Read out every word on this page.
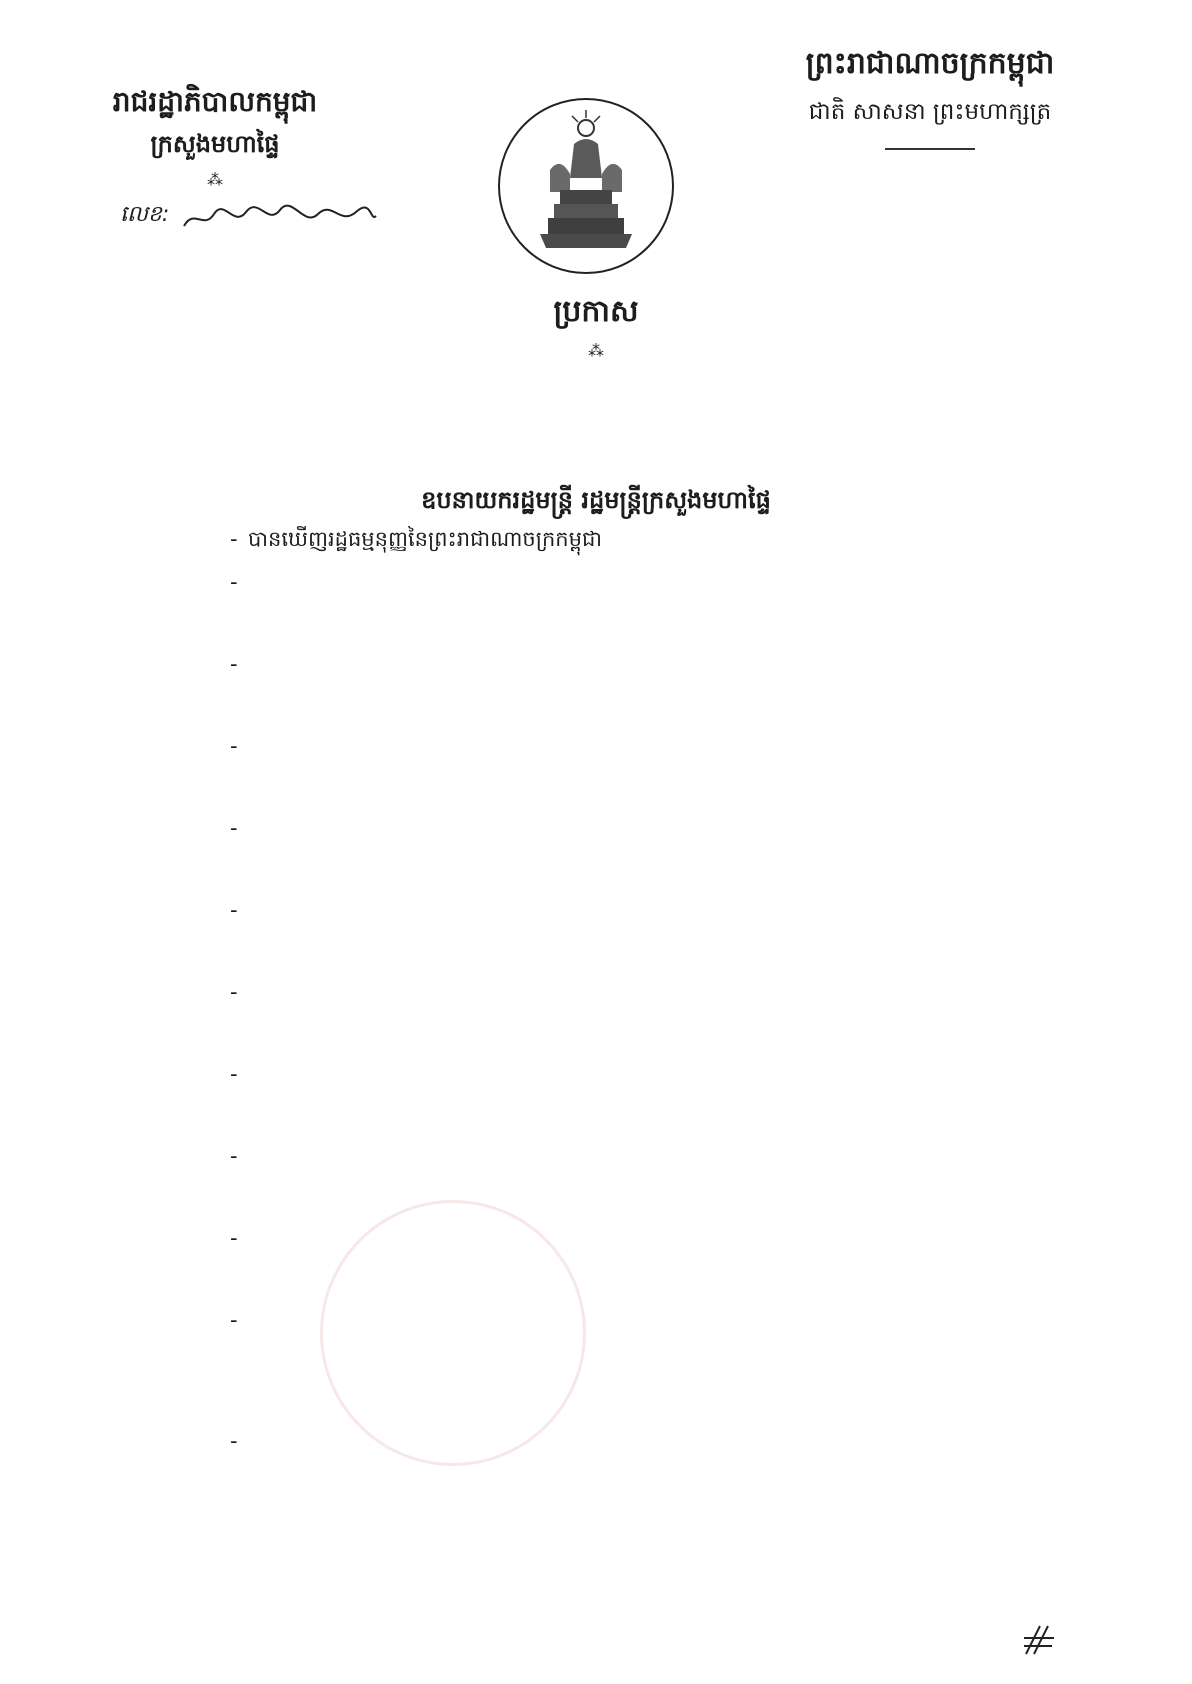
ព្រះរាជាណាចក្រកម្ពុជា

ជាតិ សាសនា ព្រះមហាក្សត្រ

រាជរដ្ឋាភិបាលកម្ពុជា

ក្រសួងមហាផ្ទៃ

⁂
លេខ:
ប្រកាស
⁂
ឧបនាយករដ្ឋមន្ត្រី រដ្ឋមន្ត្រីក្រសួងមហាផ្ទៃ
- បានឃើញរដ្ឋធម្មនុញ្ញនៃព្រះរាជាណាចក្រកម្ពុជា
-
-
-
-
-
-
-
-
-
-
-
